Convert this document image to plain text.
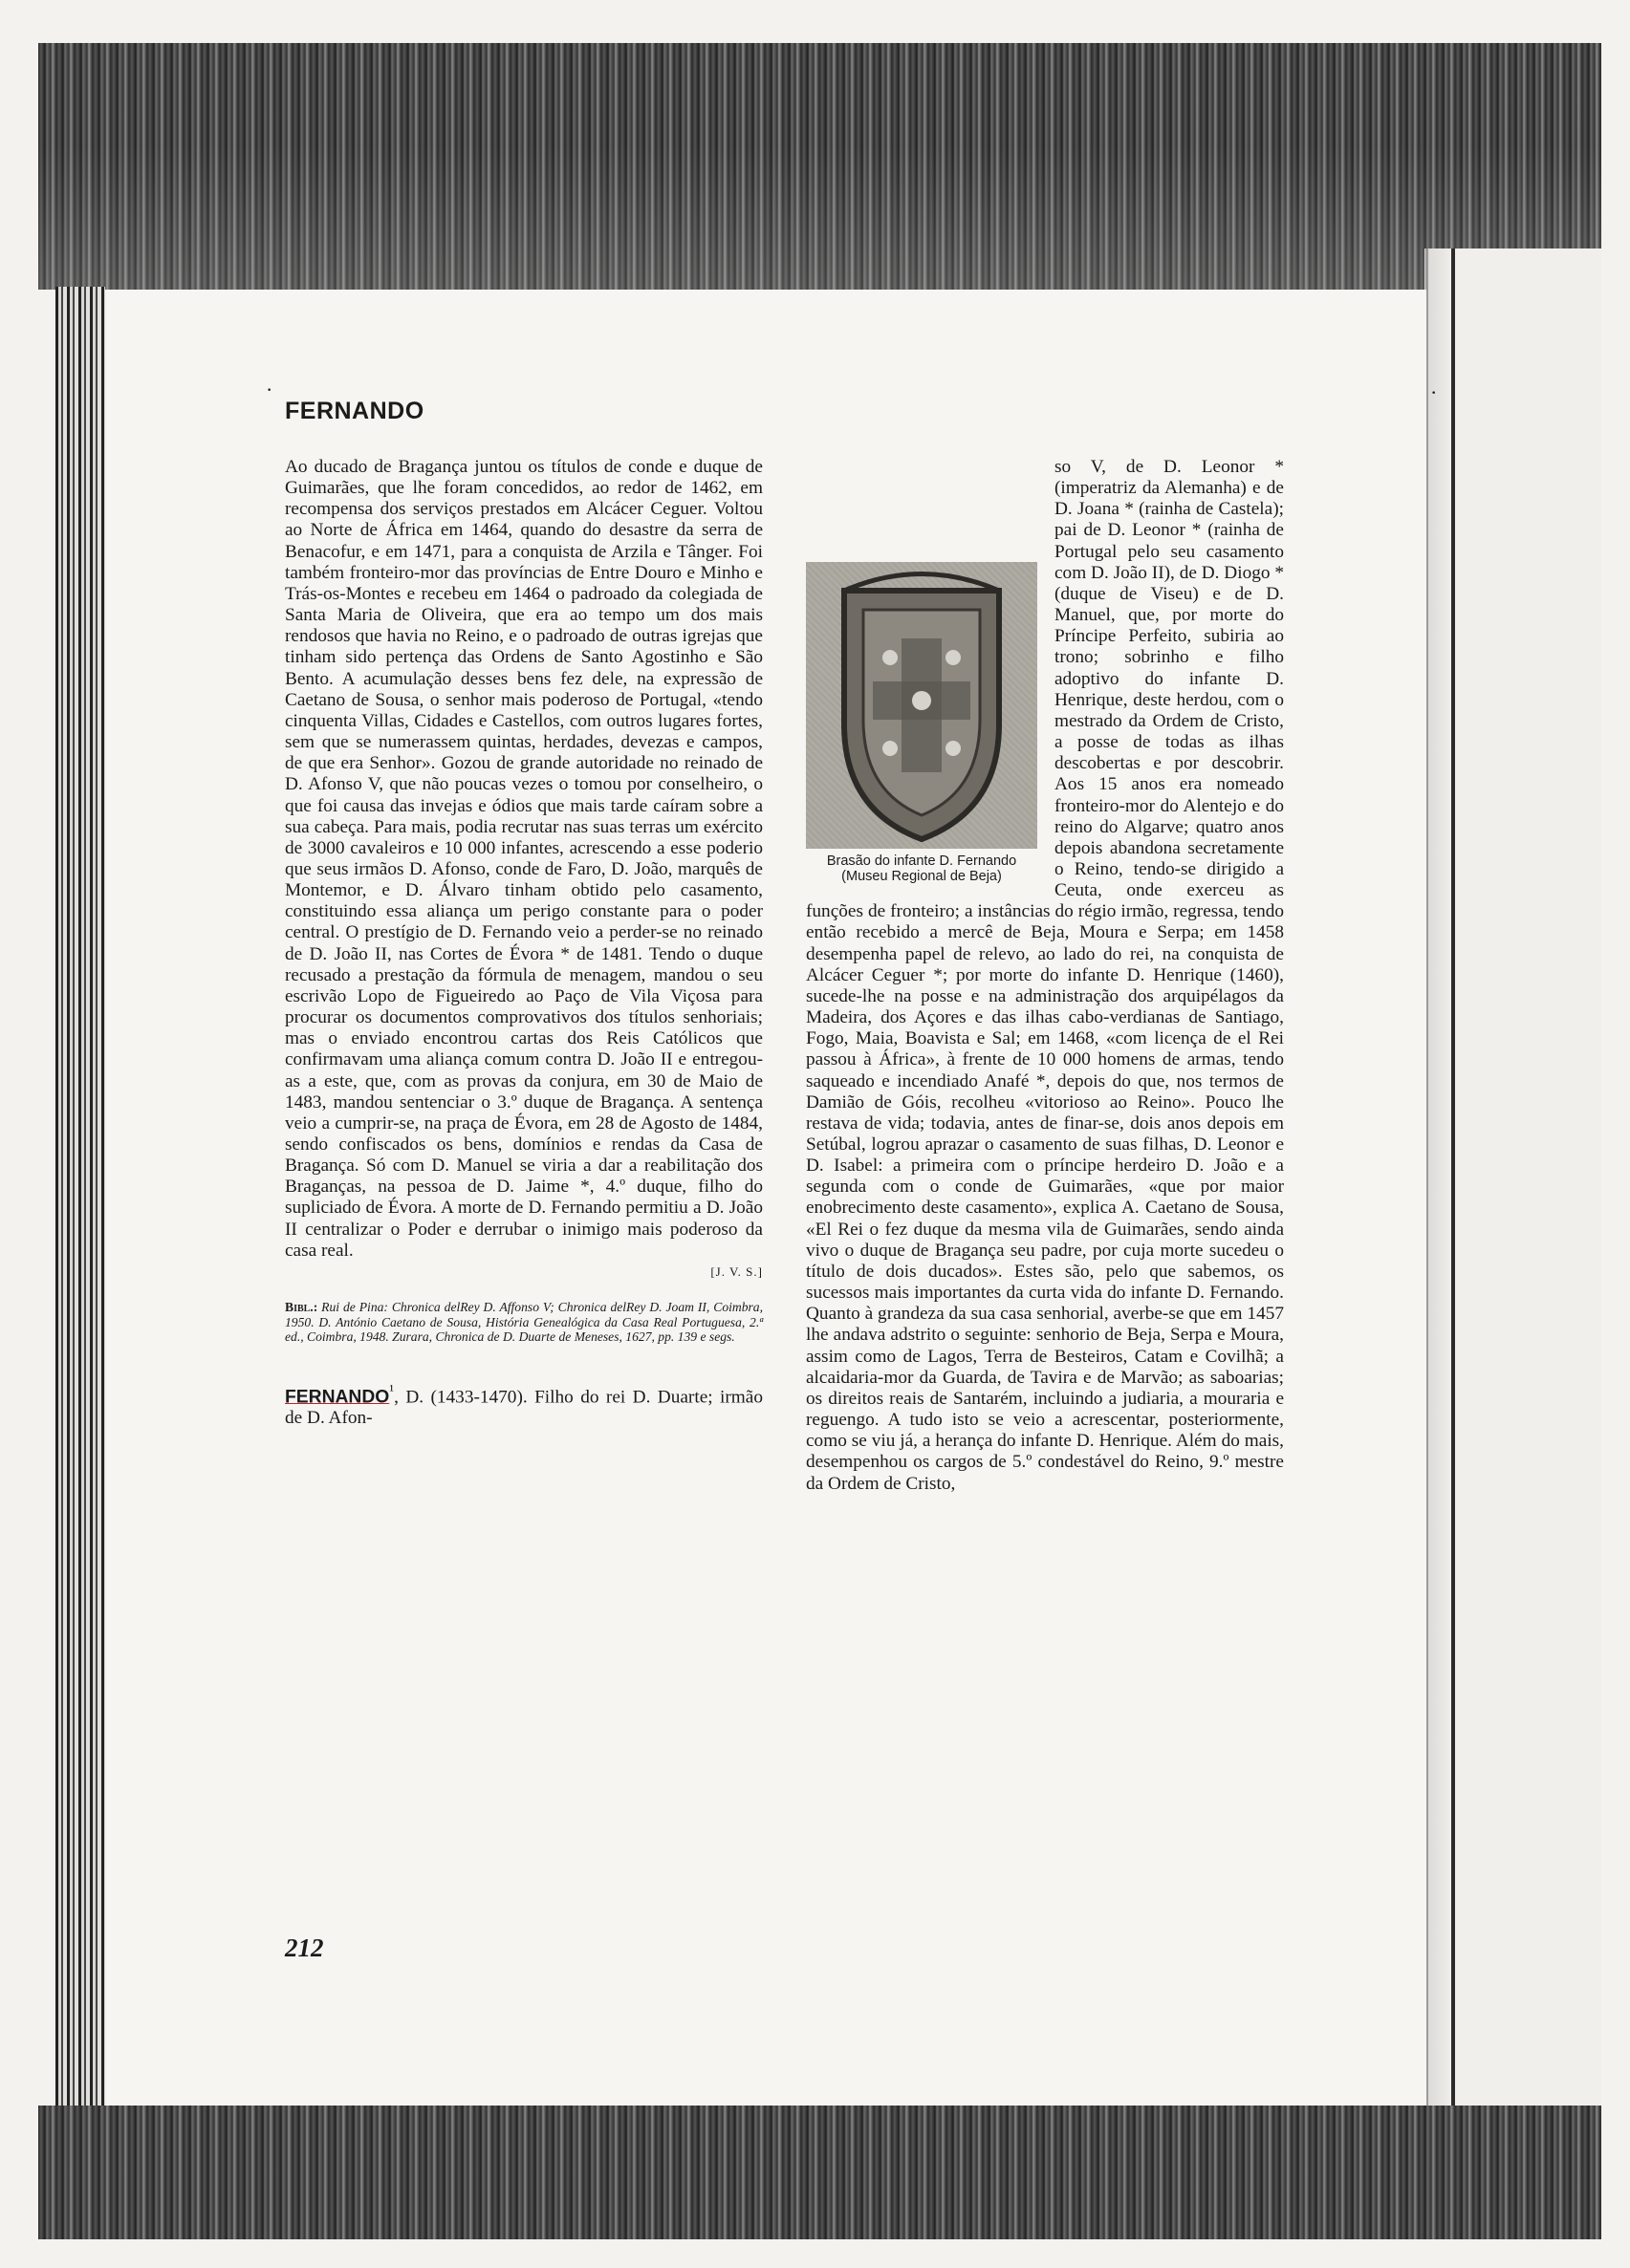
FERNANDO

Ao ducado de Bragança juntou os títulos de conde e duque de Guimarães, que lhe foram concedidos, ao redor de 1462, em recompensa dos serviços prestados em Alcácer Ceguer. Voltou ao Norte de África em 1464, quando do desastre da serra de Benacofur, e em 1471, para a conquista de Arzila e Tânger. Foi também fronteiro-mor das províncias de Entre Douro e Minho e Trás-os-Montes e recebeu em 1464 o padroado da colegiada de Santa Maria de Oliveira, que era ao tempo um dos mais rendosos que havia no Reino, e o padroado de outras igrejas que tinham sido pertença das Ordens de Santo Agostinho e São Bento. A acumulação desses bens fez dele, na expressão de Caetano de Sousa, o senhor mais poderoso de Portugal, «tendo cinquenta Villas, Cidades e Castellos, com outros lugares fortes, sem que se numerassem quintas, herdades, devezas e campos, de que era Senhor». Gozou de grande autoridade no reinado de D. Afonso V, que não poucas vezes o tomou por conselheiro, o que foi causa das invejas e ódios que mais tarde caíram sobre a sua cabeça. Para mais, podia recrutar nas suas terras um exército de 3000 cavaleiros e 10 000 infantes, acrescendo a esse poderio que seus irmãos D. Afonso, conde de Faro, D. João, marquês de Montemor, e D. Álvaro tinham obtido pelo casamento, constituindo essa aliança um perigo constante para o poder central. O prestígio de D. Fernando veio a perder-se no reinado de D. João II, nas Cortes de Évora * de 1481. Tendo o duque recusado a prestação da fórmula de menagem, mandou o seu escrivão Lopo de Figueiredo ao Paço de Vila Viçosa para procurar os documentos comprovativos dos títulos senhoriais; mas o enviado encontrou cartas dos Reis Católicos que confirmavam uma aliança comum contra D. João II e entregou-as a este, que, com as provas da conjura, em 30 de Maio de 1483, mandou sentenciar o 3.º duque de Bragança. A sentença veio a cumprir-se, na praça de Évora, em 28 de Agosto de 1484, sendo confiscados os bens, domínios e rendas da Casa de Bragança. Só com D. Manuel se viria a dar a reabilitação dos Braganças, na pessoa de D. Jaime *, 4.º duque, filho do supliciado de Évora. A morte de D. Fernando permitiu a D. João II centralizar o Poder e derrubar o inimigo mais poderoso da casa real.

[J. V. S.]
Bibl.: Rui de Pina: Chronica delRey D. Affonso V; Chronica delRey D. Joam II, Coimbra, 1950. D. António Caetano de Sousa, História Genealógica da Casa Real Portuguesa, 2.ª ed., Coimbra, 1948. Zurara, Chronica de D. Duarte de Meneses, 1627, pp. 139 e segs.
$FERNANDO^{^1}$, D. (1433-1470). Filho do rei D. Duarte; irmão de D. Afon-
Brasão do infante D. Fernando (Museu Regional de Beja)

so V, de D. Leonor * (imperatriz da Alemanha) e de D. Joana * (rainha de Castela); pai de D. Leonor * (rainha de Portugal pelo seu casamento com D. João II), de D. Diogo * (duque de Viseu) e de D. Manuel, que, por morte do Príncipe Perfeito, subiria ao trono; sobrinho e filho adoptivo do infante D. Henrique, deste herdou, com o mestrado da Ordem de Cristo, a posse de todas as ilhas descobertas e por descobrir. Aos 15 anos era nomeado fronteiro-mor do Alentejo e do reino do Algarve; quatro anos depois abandona secretamente o Reino, tendo-se dirigido a Ceuta, onde exerceu as funções de fronteiro; a instâncias do régio irmão, regressa, tendo então recebido a mercê de Beja, Moura e Serpa; em 1458 desempenha papel de relevo, ao lado do rei, na conquista de Alcácer Ceguer *; por morte do infante D. Henrique (1460), sucede-lhe na posse e na administração dos arquipélagos da Madeira, dos Açores e das ilhas cabo-verdianas de Santiago, Fogo, Maia, Boavista e Sal; em 1468, «com licença de el Rei passou à África», à frente de 10 000 homens de armas, tendo saqueado e incendiado Anafé *, depois do que, nos termos de Damião de Góis, recolheu «vitorioso ao Reino». Pouco lhe restava de vida; todavia, antes de finar-se, dois anos depois em Setúbal, logrou aprazar o casamento de suas filhas, D. Leonor e D. Isabel: a primeira com o príncipe herdeiro D. João e a segunda com o conde de Guimarães, «que por maior enobrecimento deste casamento», explica A. Caetano de Sousa, «El Rei o fez duque da mesma vila de Guimarães, sendo ainda vivo o duque de Bragança seu padre, por cuja morte sucedeu o título de dois ducados». Estes são, pelo que sabemos, os sucessos mais importantes da curta vida do infante D. Fernando. Quanto à grandeza da sua casa senhorial, averbe-se que em 1457 lhe andava adstrito o seguinte: senhorio de Beja, Serpa e Moura, assim como de Lagos, Terra de Besteiros, Catam e Covilhã; a alcaidaria-mor da Guarda, de Tavira e de Marvão; as saboarias; os direitos reais de Santarém, incluindo a judiaria, a mouraria e reguengo. A tudo isto se veio a acrescentar, posteriormente, como se viu já, a herança do infante D. Henrique. Além do mais, desempenhou os cargos de 5.º condestável do Reino, 9.º mestre da Ordem de Cristo,

212
·	·
